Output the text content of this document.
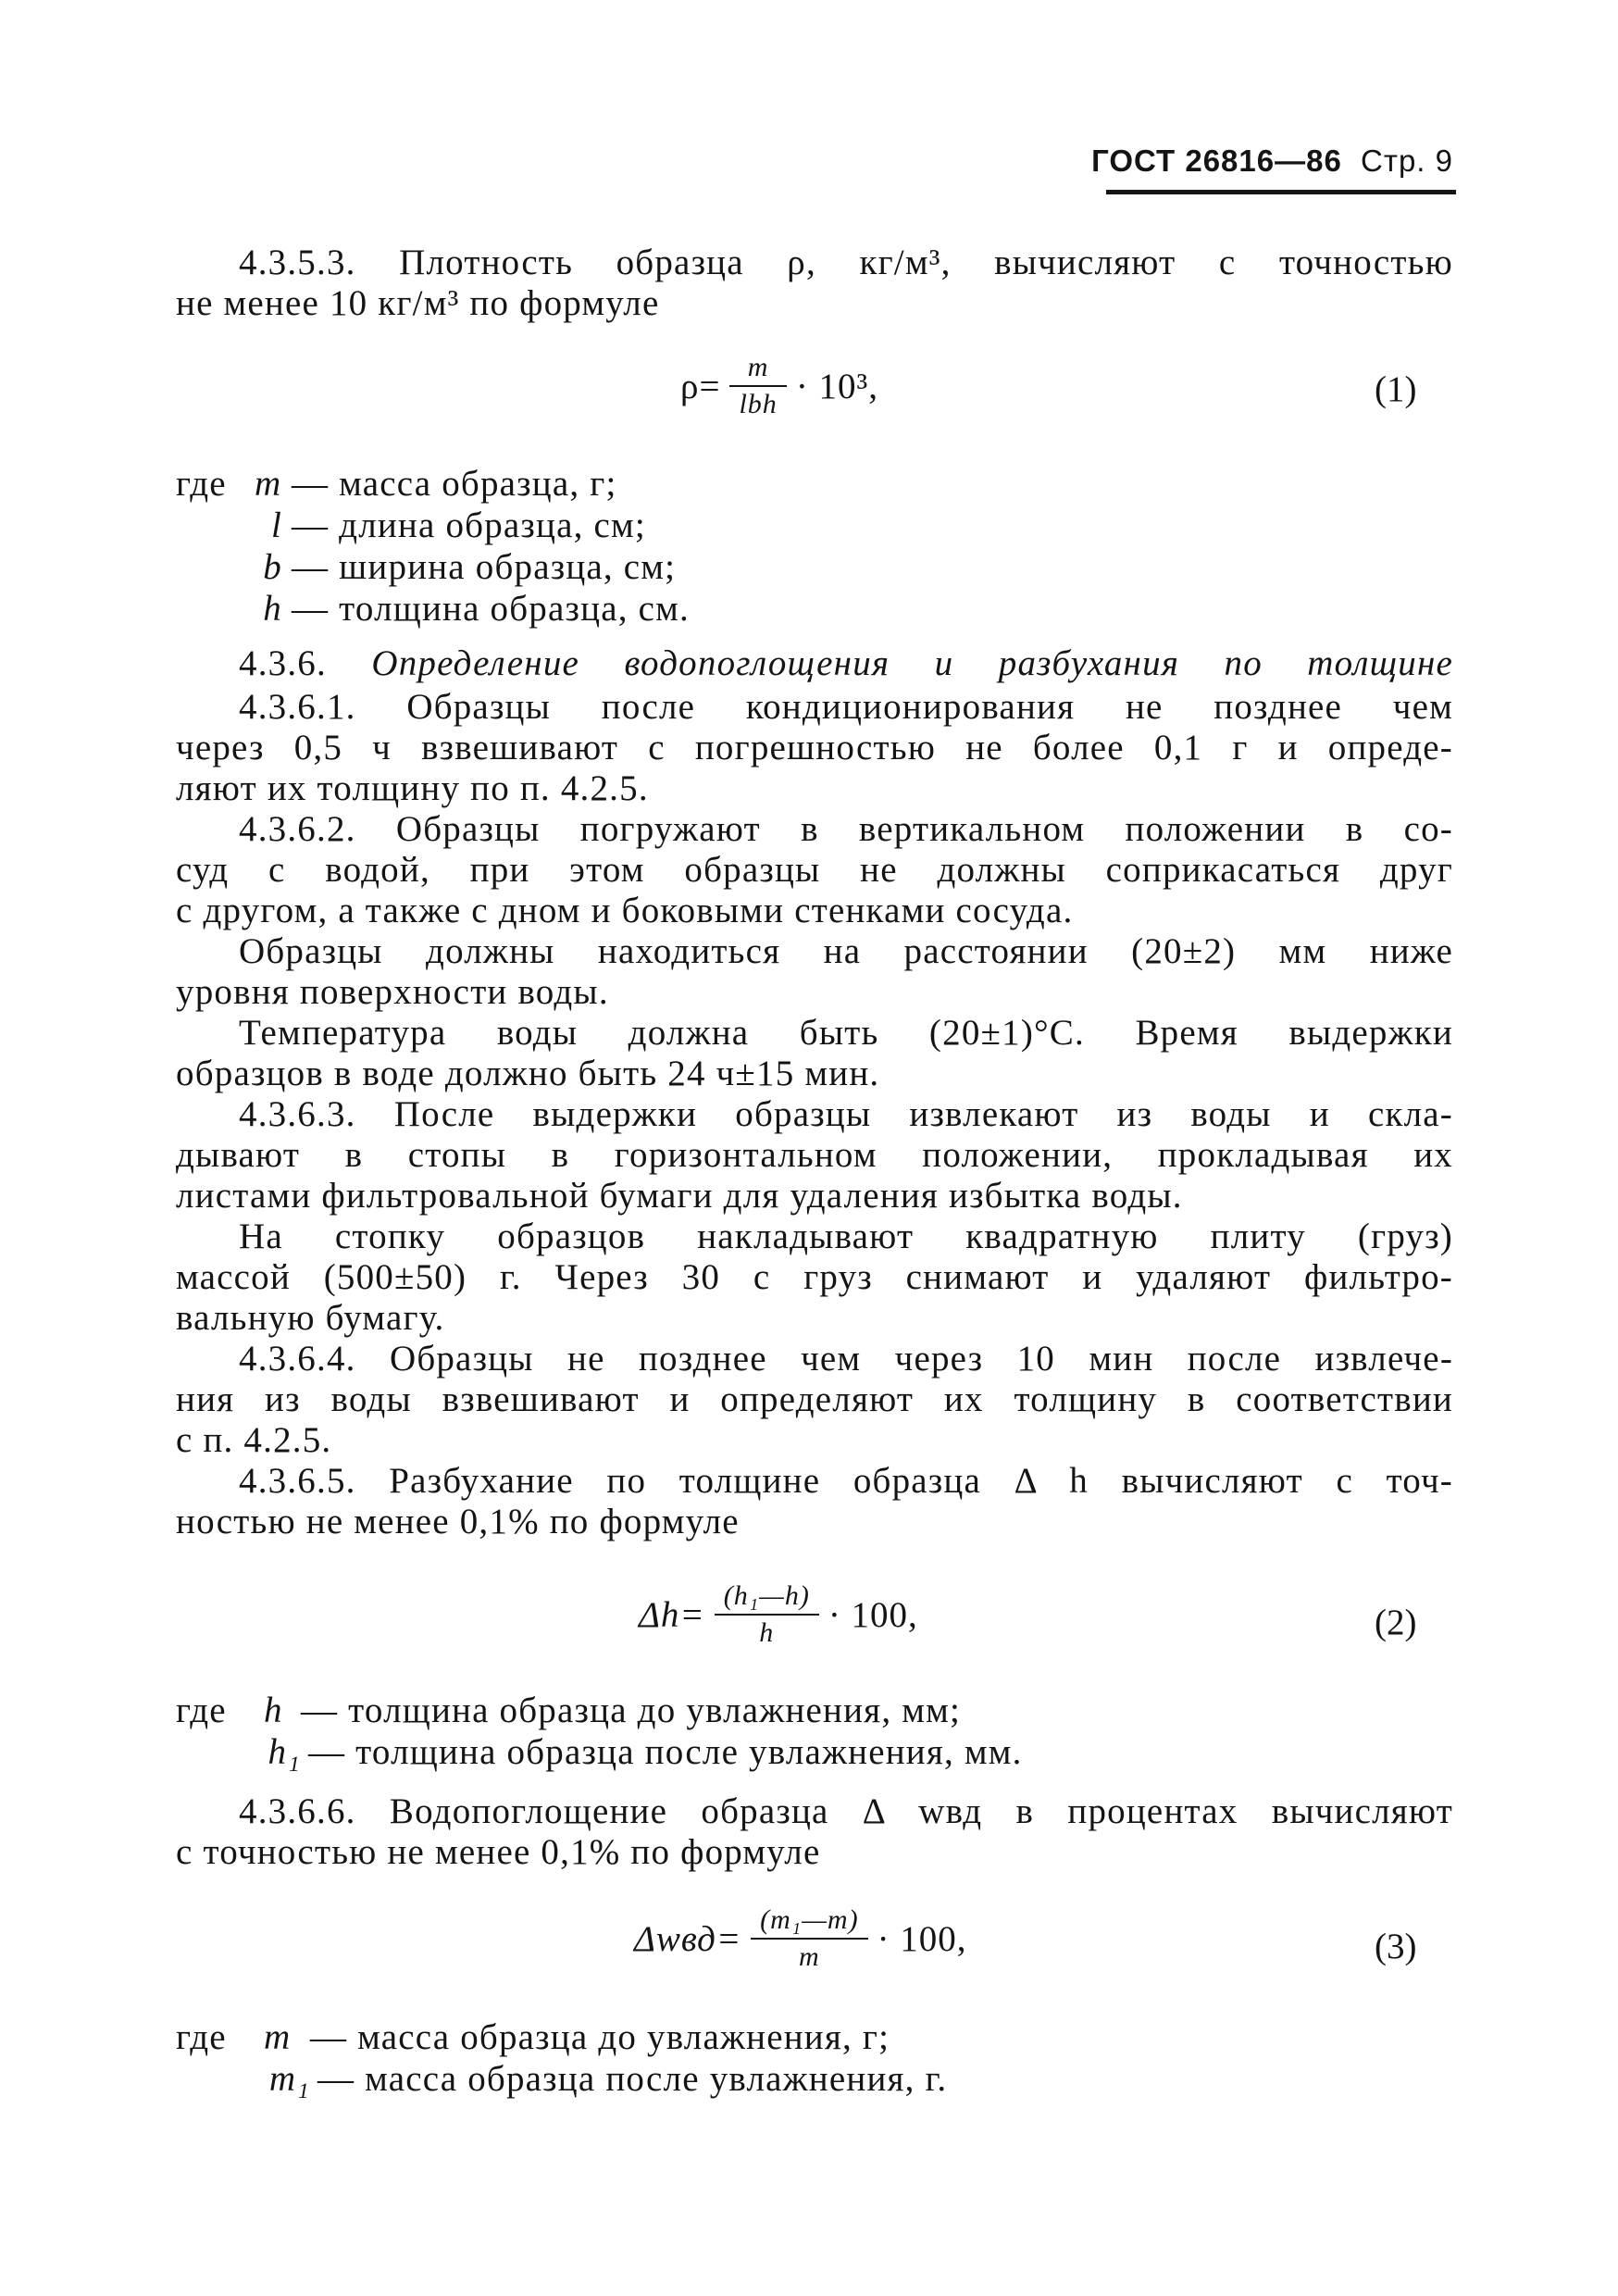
ГОСТ 26816—86 Стр. 9
4.3.5.3. Плотность образца ρ, кг/м³, вычисляют с точностью
не менее 10 кг/м³ по формуле
$\rho= \frac{m}{\text{lbh}} \cdot 10^3$,	(1)
где m — масса образца, г;
l — длина образца, см;
b — ширина образца, см;
h — толщина образца, см.
4.3.6. Определение водопоглощения и разбухания по толщине
4.3.6.1. Образцы после кондиционирования не позднее чем
через 0,5 ч взвешивают с погрешностью не более 0,1 г и опреде-
ляют их толщину по п. 4.2.5.
4.3.6.2. Образцы погружают в вертикальном положении в со-
суд с водой, при этом образцы не должны соприкасаться друг
с другом, а также с дном и боковыми стенками сосуда.
Образцы должны находиться на расстоянии (20±2) мм ниже
уровня поверхности воды.
Температура воды должна быть (20±1)°С. Время выдержки
образцов в воде должно быть 24 ч±15 мин.
4.3.6.3. После выдержки образцы извлекают из воды и скла-
дывают в стопы в горизонтальном положении, прокладывая их
листами фильтровальной бумаги для удаления избытка воды.
На стопку образцов накладывают квадратную плиту (груз)
массой (500±50) г. Через 30 с груз снимают и удаляют фильтро-
вальную бумагу.
4.3.6.4. Образцы не позднее чем через 10 мин после извлече-
ния из воды взвешивают и определяют их толщину в соответствии
с п. 4.2.5.
4.3.6.5. Разбухание по толщине образца Δ h вычисляют с точ-
ностью не менее 0,1% по формуле
$\Delta h= \frac{\text{(h₁—h)}}{h} \cdot 100$,	(2)
где	h — толщина образца до увлажнения, мм;
h₁ — толщина образца после увлажнения, мм.
4.3.6.6. Водопоглощение образца Δ wвд в процентах вычисляют
с точностью не менее 0,1% по формуле
$\Delta wвд= \frac{\text{(m₁—m)}}{m} \cdot 100$,	(3)
где	m — масса образца до увлажнения, г;
m₁ — масса образца после увлажнения, г.
